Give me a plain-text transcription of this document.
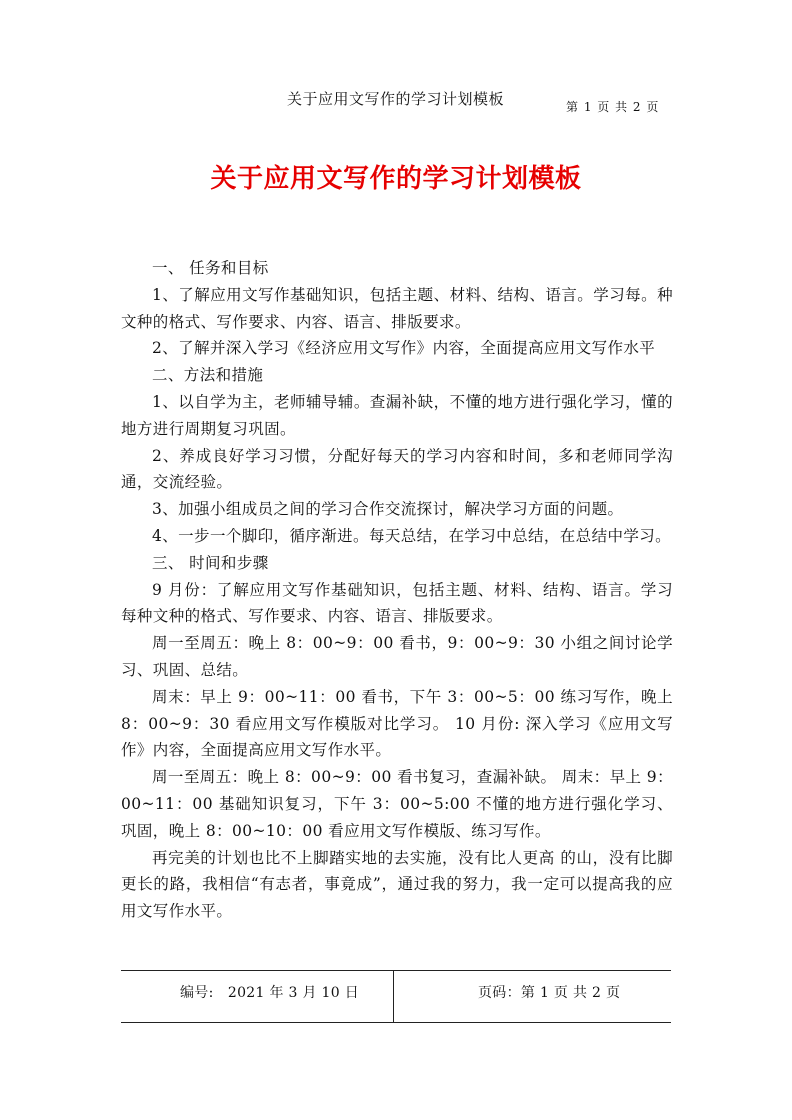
关于应用文写作的学习计划模板	第 1 页 共 2 页
关于应用文写作的学习计划模板

一、 任务和目标

1、了解应用文写作基础知识，包括主题、材料、结构、语言。学习每。种文种的格式、写作要求、内容、语言、排版要求。

2、了解并深入学习《经济应用文写作》内容，全面提高应用文写作水平

二、方法和措施

1、以自学为主，老师辅导辅。查漏补缺，不懂的地方进行强化学习，懂的地方进行周期复习巩固。

2、养成良好学习习惯，分配好每天的学习内容和时间，多和老师同学沟通，交流经验。

3、加强小组成员之间的学习合作交流探讨，解决学习方面的问题。

4、一步一个脚印，循序渐进。每天总结，在学习中总结，在总结中学习。

三、 时间和步骤

9 月份：了解应用文写作基础知识，包括主题、材料、结构、语言。学习每种文种的格式、写作要求、内容、语言、排版要求。

周一至周五：晚上 8：00~9：00 看书，9：00~9：30 小组之间讨论学习、巩固、总结。

周末：早上 9：00~11：00 看书，下午 3：00~5：00 练习写作，晚上 8：00~9：30 看应用文写作模版对比学习。 10 月份: 深入学习《应用文写作》内容，全面提高应用文写作水平。

周一至周五：晚上 8：00~9：00 看书复习，查漏补缺。 周末：早上 9：00~11：00 基础知识复习，下午 3：00~5:00 不懂的地方进行强化学习、巩固，晚上 8：00~10：00 看应用文写作模版、练习写作。

再完美的计划也比不上脚踏实地的去实施，没有比人更高 的山，没有比脚更长的路，我相信“有志者，事竟成”，通过我的努力，我一定可以提高我的应用文写作水平。

编号: 2021 年 3 月 10 日	页码：第 1 页 共 2 页
